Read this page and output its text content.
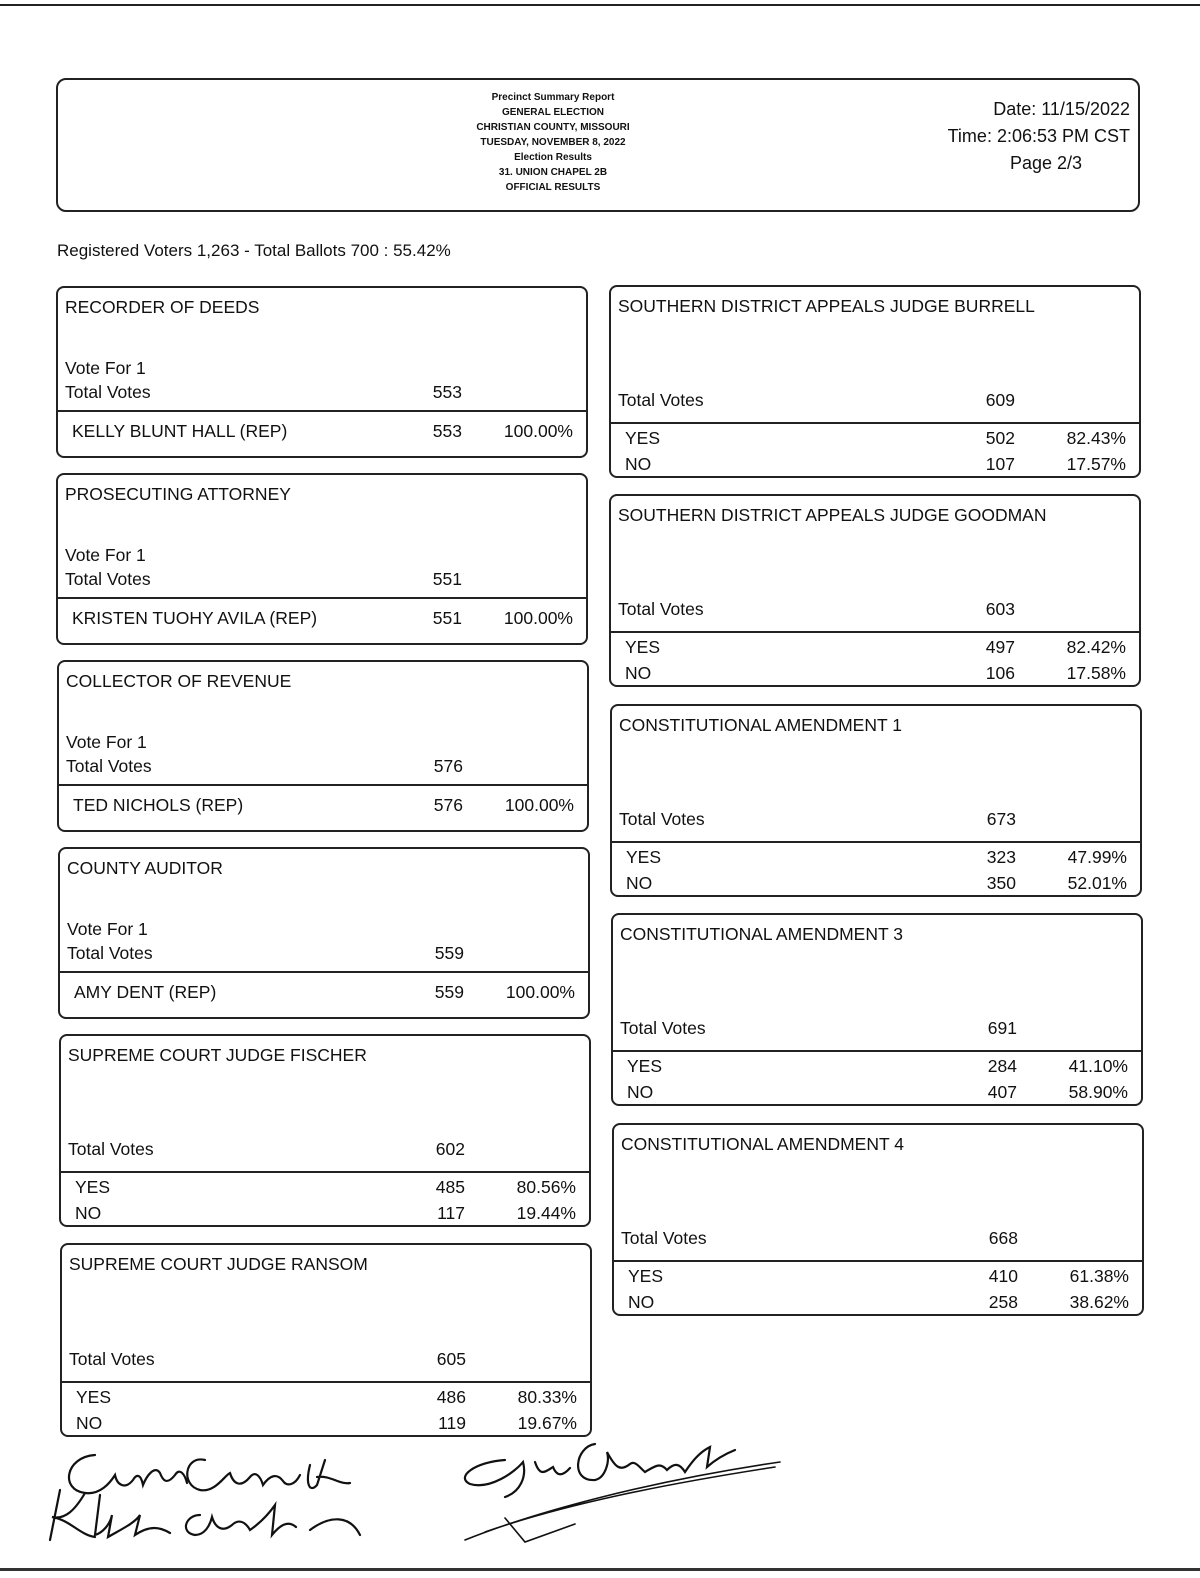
Precinct Summary Report
GENERAL ELECTION
CHRISTIAN COUNTY, MISSOURI
TUESDAY, NOVEMBER 8, 2022
Election Results
31. UNION CHAPEL 2B
OFFICIAL RESULTS
Date: 11/15/2022
Time: 2:06:53 PM CST
Page 2/3
Registered Voters 1,263 - Total Ballots 700 : 55.42%
RECORDER OF DEEDS
Vote For 1
Total Votes	553
KELLY BLUNT HALL (REP)	553	100.00%
PROSECUTING ATTORNEY
Vote For 1
Total Votes	551
KRISTEN TUOHY AVILA (REP)	551	100.00%
COLLECTOR OF REVENUE
Vote For 1
Total Votes	576
TED NICHOLS (REP)	576	100.00%
COUNTY AUDITOR
Vote For 1
Total Votes	559
AMY DENT (REP)	559	100.00%
SUPREME COURT JUDGE FISCHER
Total Votes	602
YES	485	80.56%
NO	117	19.44%
SUPREME COURT JUDGE RANSOM
Total Votes	605
YES	486	80.33%
NO	119	19.67%
SOUTHERN DISTRICT APPEALS JUDGE BURRELL
Total Votes	609
YES	502	82.43%
NO	107	17.57%
SOUTHERN DISTRICT APPEALS JUDGE GOODMAN
Total Votes	603
YES	497	82.42%
NO	106	17.58%
CONSTITUTIONAL AMENDMENT 1
Total Votes	673
YES	323	47.99%
NO	350	52.01%
CONSTITUTIONAL AMENDMENT 3
Total Votes	691
YES	284	41.10%
NO	407	58.90%
CONSTITUTIONAL AMENDMENT 4
Total Votes	668
YES	410	61.38%
NO	258	38.62%
